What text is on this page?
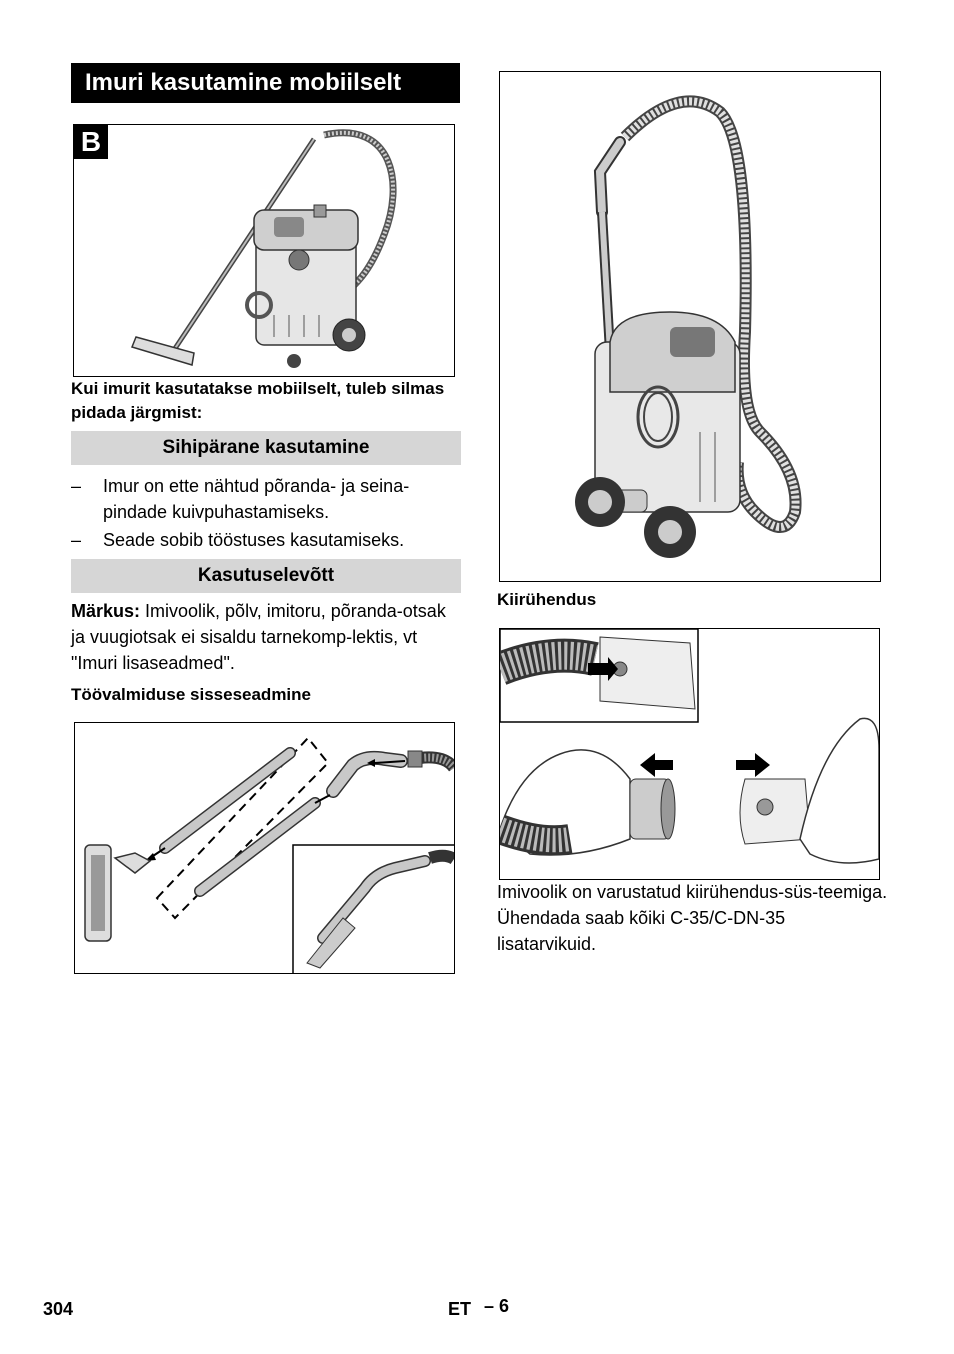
Imuri kasutamine mobiilselt
B
Kui imurit kasutatakse mobiilselt, tuleb silmas pidada järgmist:
Sihipärane kasutamine
–	Imur on ette nähtud põranda- ja seina-pindade kuivpuhastamiseks.
–	Seade sobib tööstuses kasutamiseks.
Kasutuselevõtt
Märkus: Imivoolik, põlv, imitoru, põranda-otsak ja vuugiotsak ei sisaldu tarnekomp-lektis, vt "Imuri lisaseadmed".
Töövalmiduse sisseseadmine
Kiirühendus
Imivoolik on varustatud kiirühendus-süs-teemiga. Ühendada saab kõiki C-35/C-DN-35 lisatarvikuid.
304	ET – 6
